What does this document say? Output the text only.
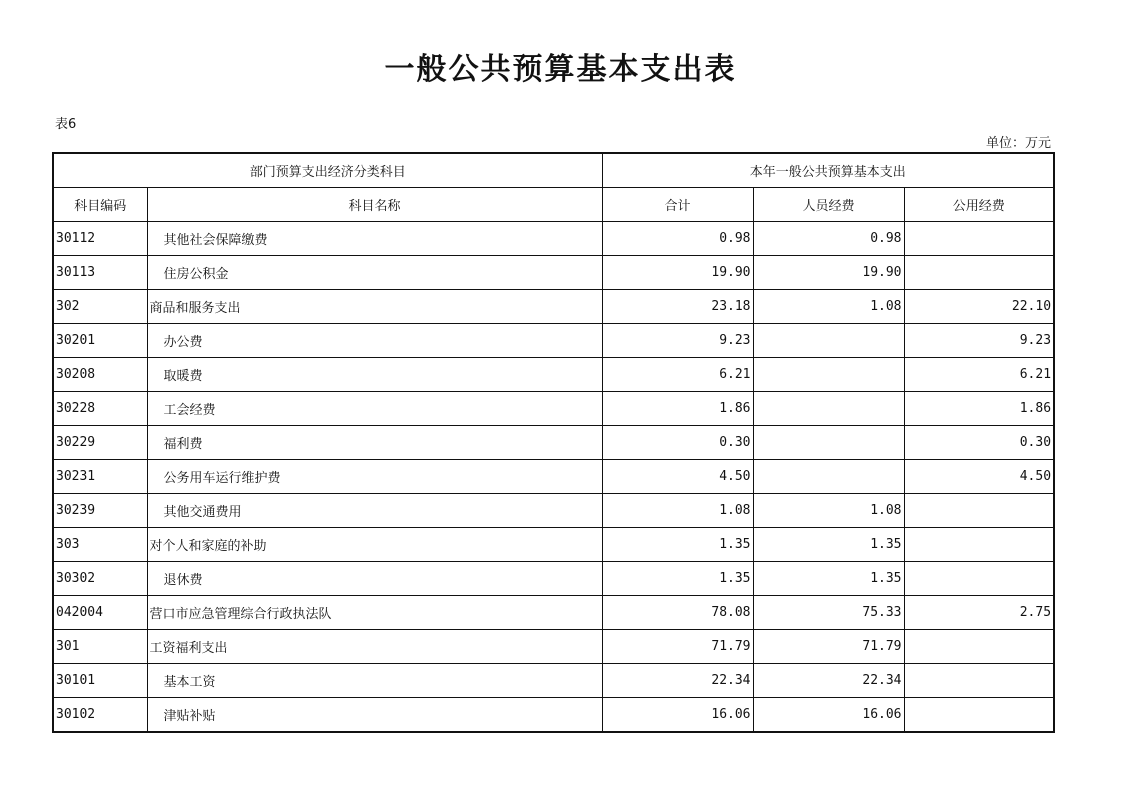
一般公共预算基本支出表
表6
单位：万元
部门预算支出经济分类科目		本年一般公共预算基本支出		
科目编码	科目名称	合计	人员经费	公用经费
30112	其他社会保障缴费	0.98	0.98	
30113	住房公积金	19.90	19.90	
302	商品和服务支出	23.18	1.08	22.10
30201	办公费	9.23		9.23
30208	取暖费	6.21		6.21
30228	工会经费	1.86		1.86
30229	福利费	0.30		0.30
30231	公务用车运行维护费	4.50		4.50
30239	其他交通费用	1.08	1.08	
303	对个人和家庭的补助	1.35	1.35	
30302	退休费	1.35	1.35	
042004	营口市应急管理综合行政执法队	78.08	75.33	2.75
301	工资福利支出	71.79	71.79	
30101	基本工资	22.34	22.34	
30102	津贴补贴	16.06	16.06	
